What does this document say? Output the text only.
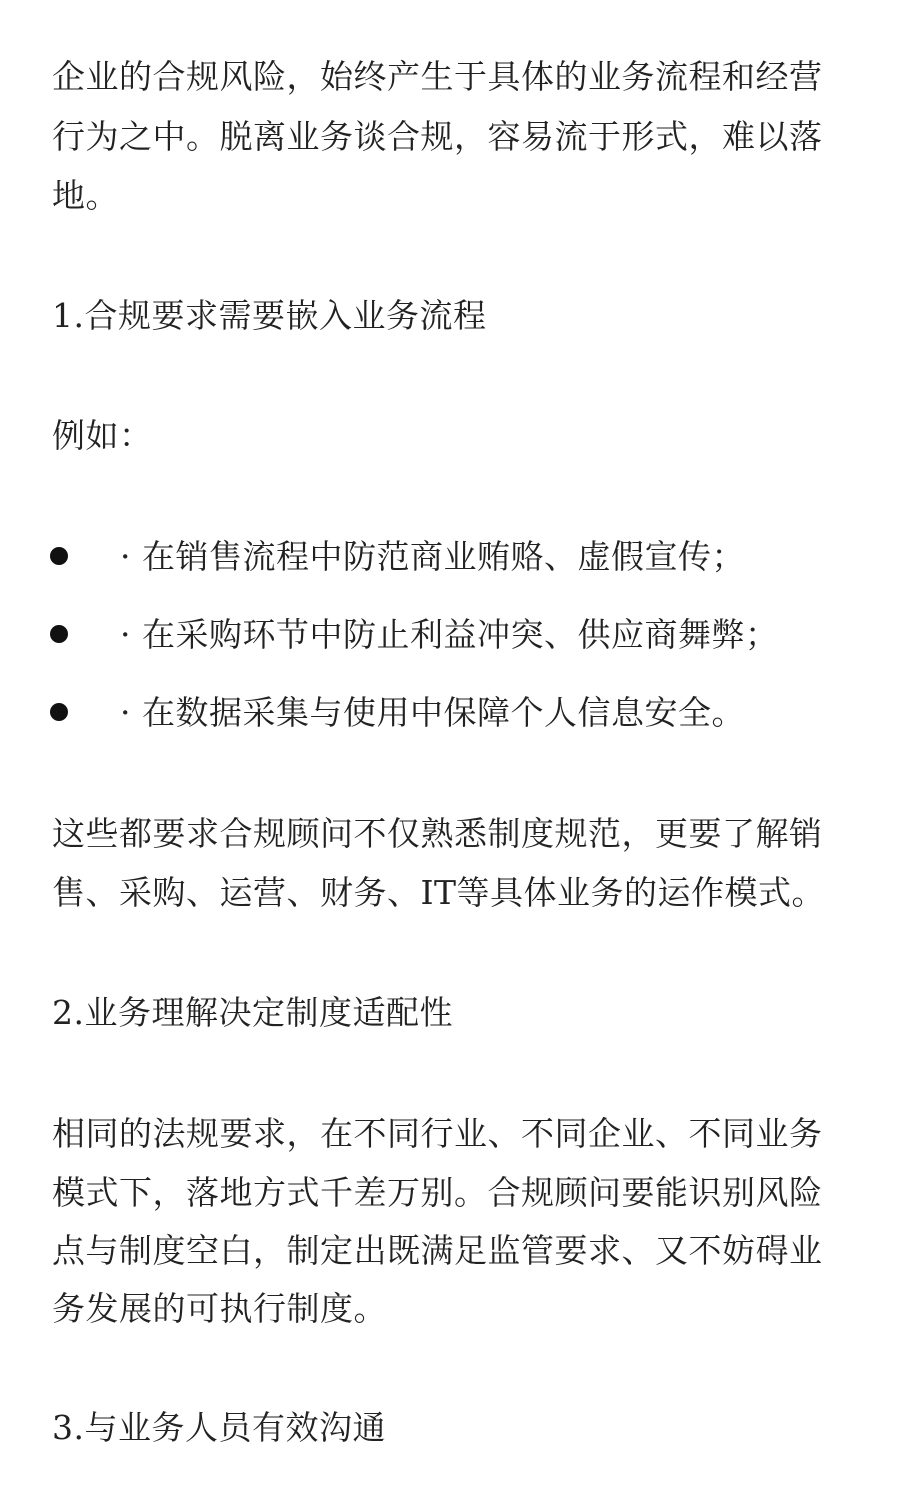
企业的合规风险，始终产生于具体的业务流程和经营
行为之中。脱离业务谈合规，容易流于形式，难以落
地。
1.合规要求需要嵌入业务流程
例如：
· 在销售流程中防范商业贿赂、虚假宣传；
· 在采购环节中防止利益冲突、供应商舞弊；
· 在数据采集与使用中保障个人信息安全。
这些都要求合规顾问不仅熟悉制度规范，更要了解销
售、采购、运营、财务、IT等具体业务的运作模式。
2.业务理解决定制度适配性
相同的法规要求，在不同行业、不同企业、不同业务
模式下，落地方式千差万别。合规顾问要能识别风险
点与制度空白，制定出既满足监管要求、又不妨碍业
务发展的可执行制度。
3.与业务人员有效沟通
